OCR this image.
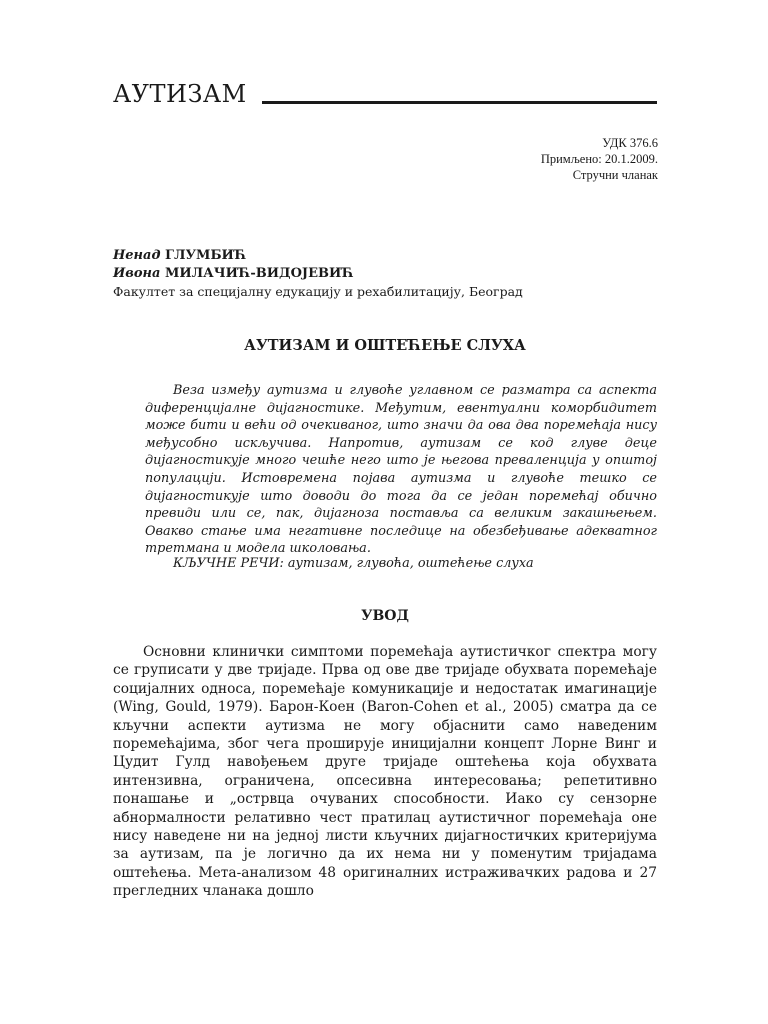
АУТИЗАМ
УДК 376.6
Примљено: 20.1.2009.
Стручни чланак
Ненад ГЛУМБИЋ
Ивона МИЛАЧИЋ-ВИДОЈЕВИЋ
Факултет за специјалну едукацију и рехабилитацију, Београд
АУТИЗАМ И ОШТЕЋЕЊЕ СЛУХА
Веза између аутизма и глувоће углавном се разматра са аспекта диференцијалне дијагностике. Међутим, евентуални коморбидитет може бити и већи од очекиваног, што значи да ова два поремећаја нису међусобно искључива. Напротив, аутизам се код глуве деце дијагностикује много чешће него што је његова преваленција у општој популацији. Истовремена појава аутизма и глувоће тешко се дијагностикује што доводи до тога да се један поремећај обично превиди или се, пак, дијагноза поставља са великим закашњењем. Овакво стање има негативне последице на обезбеђивање адекватног третмана и модела школовања.
КЉУЧНЕ РЕЧИ: аутизам, глувоћа, оштећење слуха
УВОД
Основни клинички симптоми поремећаја аутистичког спектра могу се груписати у две тријаде. Прва од ове две тријаде обухвата поремећаје социјалних односа, поремећаје комуникације и недостатак имагинације (Wing, Gould, 1979). Барон-Коен (Baron-Cohen et al., 2005) сматра да се кључни аспекти аутизма не могу објаснити само наведеним поремећајима, због чега проширује иницијални концепт Лорне Винг и Цудит Гулд навођењем друге тријаде оштећења која обухвата интензивна, ограничена, опсесивна интересовања; репетитивно понашање и „острвца очуваних способности. Иако су сензорне абнормалности релативно чест пратилац аутистичног поремећаја оне нису наведене ни на једној листи кључних дијагностичких критеријума за аутизам, па је логично да их нема ни у поменутим тријадама оштећења. Мета-анализом 48 оригиналних истраживачких радова и 27 прегледних чланака дошло
